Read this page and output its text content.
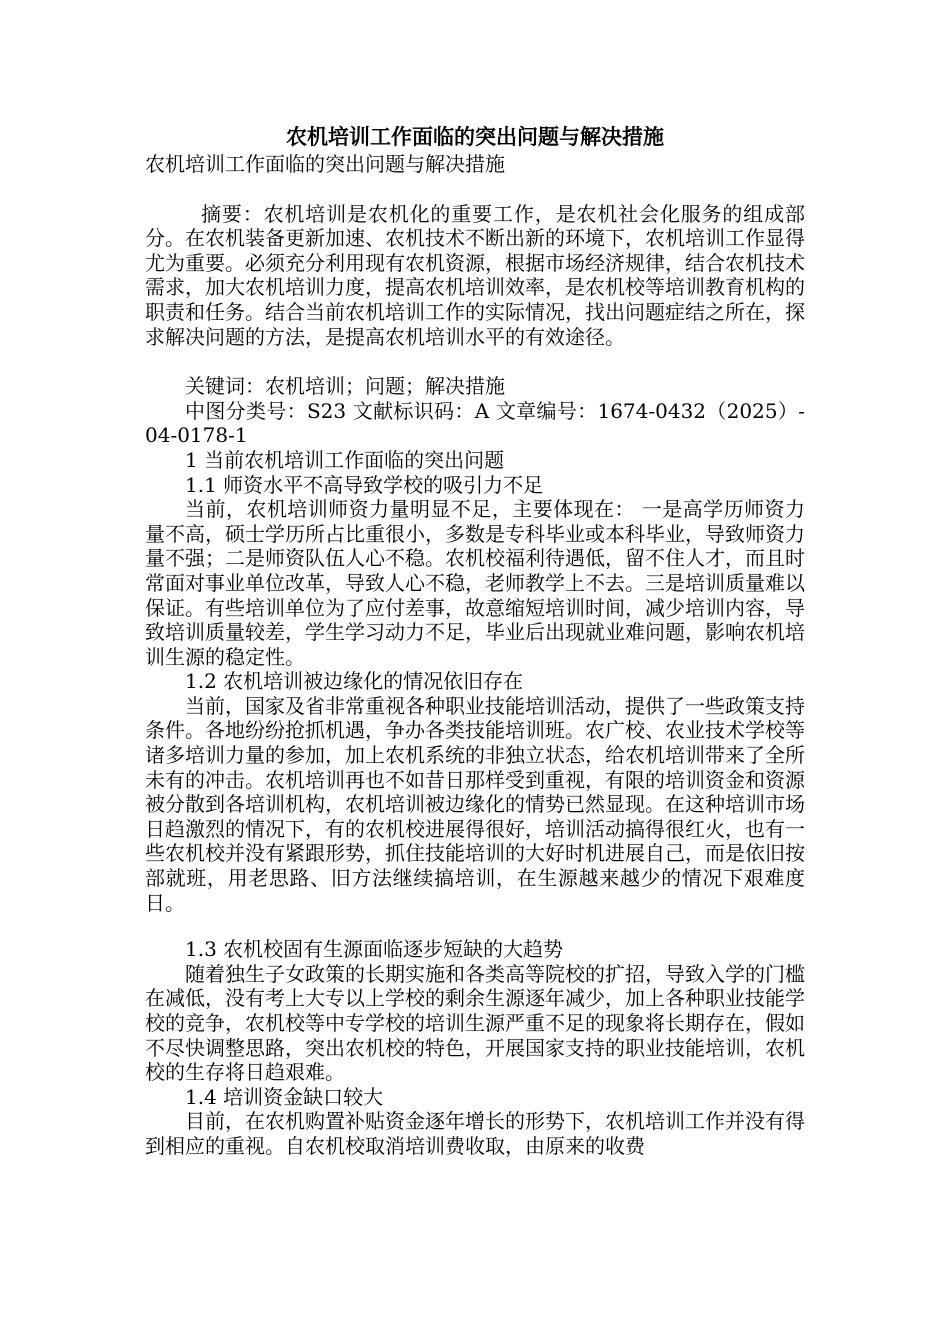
农机培训工作面临的突出问题与解决措施

农机培训工作面临的突出问题与解决措施

摘要：农机培训是农机化的重要工作，是农机社会化服务的组成部分。在农机装备更新加速、农机技术不断出新的环境下，农机培训工作显得尤为重要。必须充分利用现有农机资源，根据市场经济规律，结合农机技术需求，加大农机培训力度，提高农机培训效率，是农机校等培训教育机构的职责和任务。结合当前农机培训工作的实际情况，找出问题症结之所在，探求解决问题的方法，是提高农机培训水平的有效途径。

关键词：农机培训；问题；解决措施

中图分类号：S23 文献标识码：A 文章编号：1674-0432（2025）-04-0178-1

1 当前农机培训工作面临的突出问题

1.1 师资水平不高导致学校的吸引力不足

当前，农机培训师资力量明显不足，主要体现在： 一是高学历师资力量不高，硕士学历所占比重很小，多数是专科毕业或本科毕业，导致师资力量不强；二是师资队伍人心不稳。农机校福利待遇低，留不住人才，而且时常面对事业单位改革，导致人心不稳，老师教学上不去。三是培训质量难以保证。有些培训单位为了应付差事，故意缩短培训时间，减少培训内容，导致培训质量较差，学生学习动力不足，毕业后出现就业难问题，影响农机培训生源的稳定性。

1.2 农机培训被边缘化的情况依旧存在

当前，国家及省非常重视各种职业技能培训活动，提供了一些政策支持条件。各地纷纷抢抓机遇，争办各类技能培训班。农广校、农业技术学校等诸多培训力量的参加，加上农机系统的非独立状态，给农机培训带来了全所未有的冲击。农机培训再也不如昔日那样受到重视，有限的培训资金和资源被分散到各培训机构，农机培训被边缘化的情势已然显现。在这种培训市场日趋激烈的情况下，有的农机校进展得很好，培训活动搞得很红火，也有一些农机校并没有紧跟形势，抓住技能培训的大好时机进展自己，而是依旧按部就班，用老思路、旧方法继续搞培训，在生源越来越少的情况下艰难度日。

1.3 农机校固有生源面临逐步短缺的大趋势

随着独生子女政策的长期实施和各类高等院校的扩招，导致入学的门槛在减低，没有考上大专以上学校的剩余生源逐年减少，加上各种职业技能学校的竞争，农机校等中专学校的培训生源严重不足的现象将长期存在，假如不尽快调整思路，突出农机校的特色，开展国家支持的职业技能培训，农机校的生存将日趋艰难。

1.4 培训资金缺口较大

目前，在农机购置补贴资金逐年增长的形势下，农机培训工作并没有得到相应的重视。自农机校取消培训费收取，由原来的收费
